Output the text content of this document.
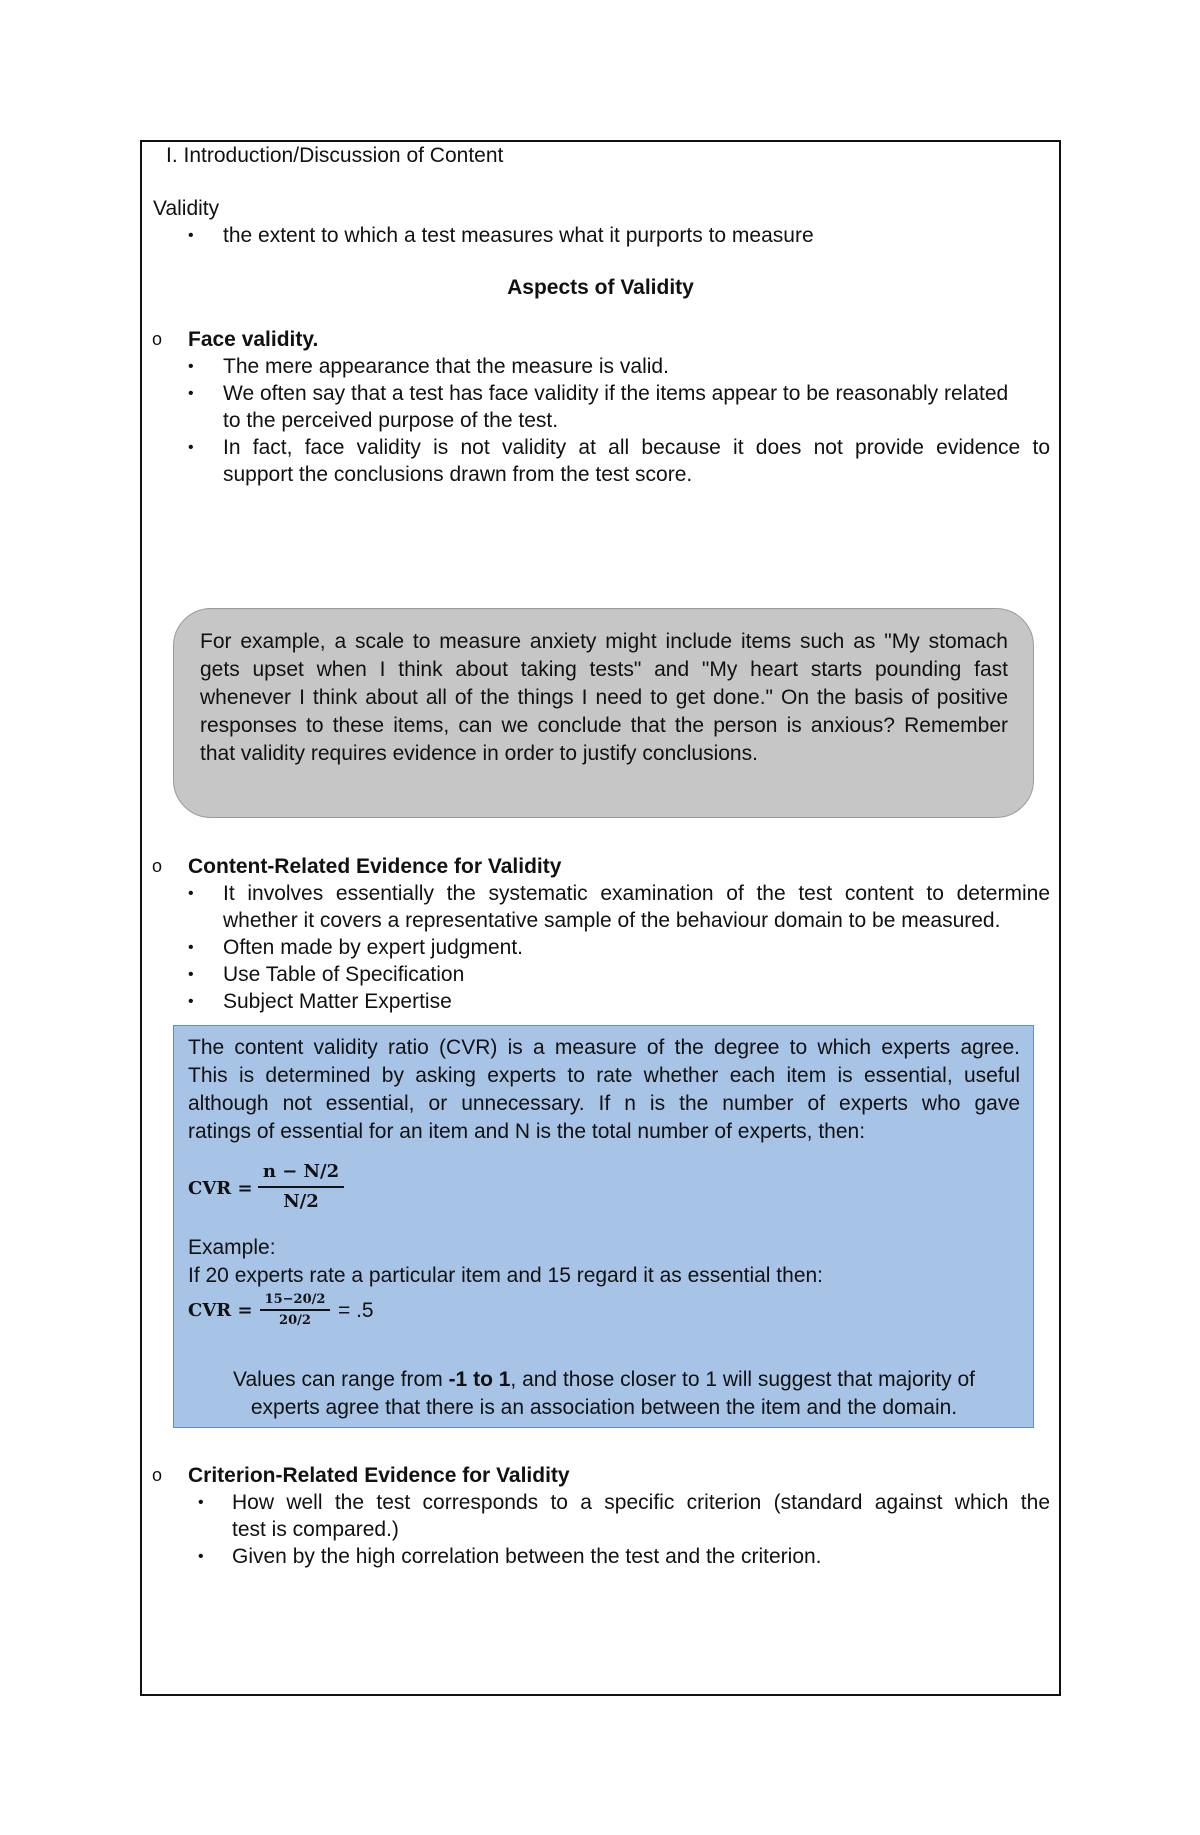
I. Introduction/Discussion of Content
Validity
• the extent to which a test measures what it purports to measure
Aspects of Validity
o Face validity.
• The mere appearance that the measure is valid.
• We often say that a test has face validity if the items appear to be reasonably related
to the perceived purpose of the test.
• In fact, face validity is not validity at all because it does not provide evidence to
support the conclusions drawn from the test score.
For example, a scale to measure anxiety might include items such as "My stomach
gets upset when I think about taking tests" and "My heart starts pounding fast
whenever I think about all of the things I need to get done." On the basis of positive
responses to these items, can we conclude that the person is anxious? Remember
that validity requires evidence in order to justify conclusions.
o Content-Related Evidence for Validity
• It involves essentially the systematic examination of the test content to determine
whether it covers a representative sample of the behaviour domain to be measured.
• Often made by expert judgment.
• Use Table of Specification
• Subject Matter Expertise
The content validity ratio (CVR) is a measure of the degree to which experts agree.
This is determined by asking experts to rate whether each item is essential, useful
although not essential, or unnecessary. If n is the number of experts who gave
ratings of essential for an item and N is the total number of experts, then:
CVR = $\frac{n - N/2}{N/2}$
Example:
If 20 experts rate a particular item and 15 regard it as essential then:
CVR = $\frac{15-20/2}{20/2} = .5$
Values can range from -1 to 1, and those closer to 1 will suggest that majority of
experts agree that there is an association between the item and the domain.
o Criterion-Related Evidence for Validity
• How well the test corresponds to a specific criterion (standard against which the
test is compared.)
• Given by the high correlation between the test and the criterion.
